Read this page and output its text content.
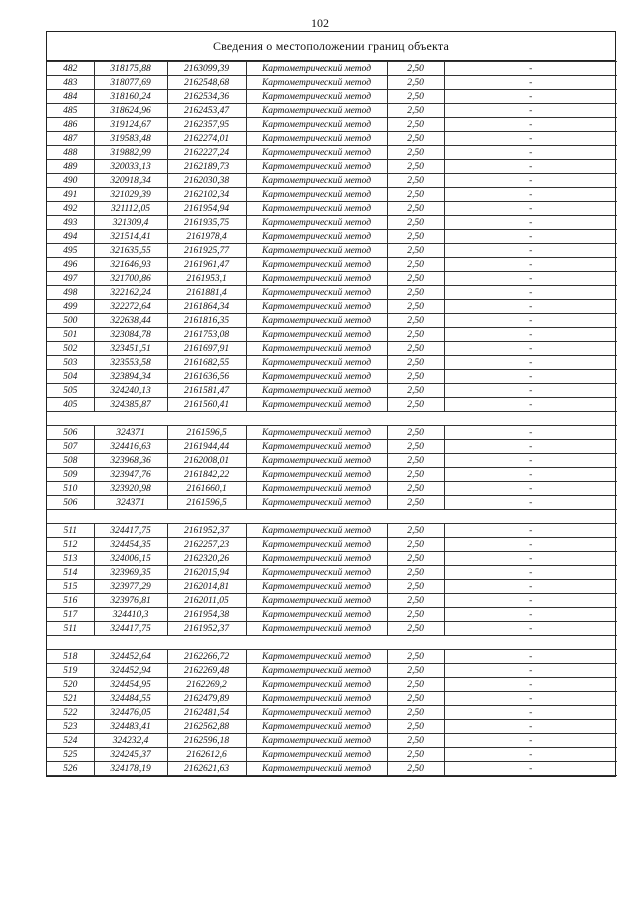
102
Сведения о местоположении границ объекта
482	318175,88	2163099,39	Картометрический метод	2,50	-
483	318077,69	2162548,68	Картометрический метод	2,50	-
484	318160,24	2162534,36	Картометрический метод	2,50	-
485	318624,96	2162453,47	Картометрический метод	2,50	-
486	319124,67	2162357,95	Картометрический метод	2,50	-
487	319583,48	2162274,01	Картометрический метод	2,50	-
488	319882,99	2162227,24	Картометрический метод	2,50	-
489	320033,13	2162189,73	Картометрический метод	2,50	-
490	320918,34	2162030,38	Картометрический метод	2,50	-
491	321029,39	2162102,34	Картометрический метод	2,50	-
492	321112,05	2161954,94	Картометрический метод	2,50	-
493	321309,4	2161935,75	Картометрический метод	2,50	-
494	321514,41	2161978,4	Картометрический метод	2,50	-
495	321635,55	2161925,77	Картометрический метод	2,50	-
496	321646,93	2161961,47	Картометрический метод	2,50	-
497	321700,86	2161953,1	Картометрический метод	2,50	-
498	322162,24	2161881,4	Картометрический метод	2,50	-
499	322272,64	2161864,34	Картометрический метод	2,50	-
500	322638,44	2161816,35	Картометрический метод	2,50	-
501	323084,78	2161753,08	Картометрический метод	2,50	-
502	323451,51	2161697,91	Картометрический метод	2,50	-
503	323553,58	2161682,55	Картометрический метод	2,50	-
504	323894,34	2161636,56	Картометрический метод	2,50	-
505	324240,13	2161581,47	Картометрический метод	2,50	-
405	324385,87	2161560,41	Картометрический метод	2,50	-

506	324371	2161596,5	Картометрический метод	2,50	-
507	324416,63	2161944,44	Картометрический метод	2,50	-
508	323968,36	2162008,01	Картометрический метод	2,50	-
509	323947,76	2161842,22	Картометрический метод	2,50	-
510	323920,98	2161660,1	Картометрический метод	2,50	-
506	324371	2161596,5	Картометрический метод	2,50	-

511	324417,75	2161952,37	Картометрический метод	2,50	-
512	324454,35	2162257,23	Картометрический метод	2,50	-
513	324006,15	2162320,26	Картометрический метод	2,50	-
514	323969,35	2162015,94	Картометрический метод	2,50	-
515	323977,29	2162014,81	Картометрический метод	2,50	-
516	323976,81	2162011,05	Картометрический метод	2,50	-
517	324410,3	2161954,38	Картометрический метод	2,50	-
511	324417,75	2161952,37	Картометрический метод	2,50	-

518	324452,64	2162266,72	Картометрический метод	2,50	-
519	324452,94	2162269,48	Картометрический метод	2,50	-
520	324454,95	2162269,2	Картометрический метод	2,50	-
521	324484,55	2162479,89	Картометрический метод	2,50	-
522	324476,05	2162481,54	Картометрический метод	2,50	-
523	324483,41	2162562,88	Картометрический метод	2,50	-
524	324232,4	2162596,18	Картометрический метод	2,50	-
525	324245,37	2162612,6	Картометрический метод	2,50	-
526	324178,19	2162621,63	Картометрический метод	2,50	-
